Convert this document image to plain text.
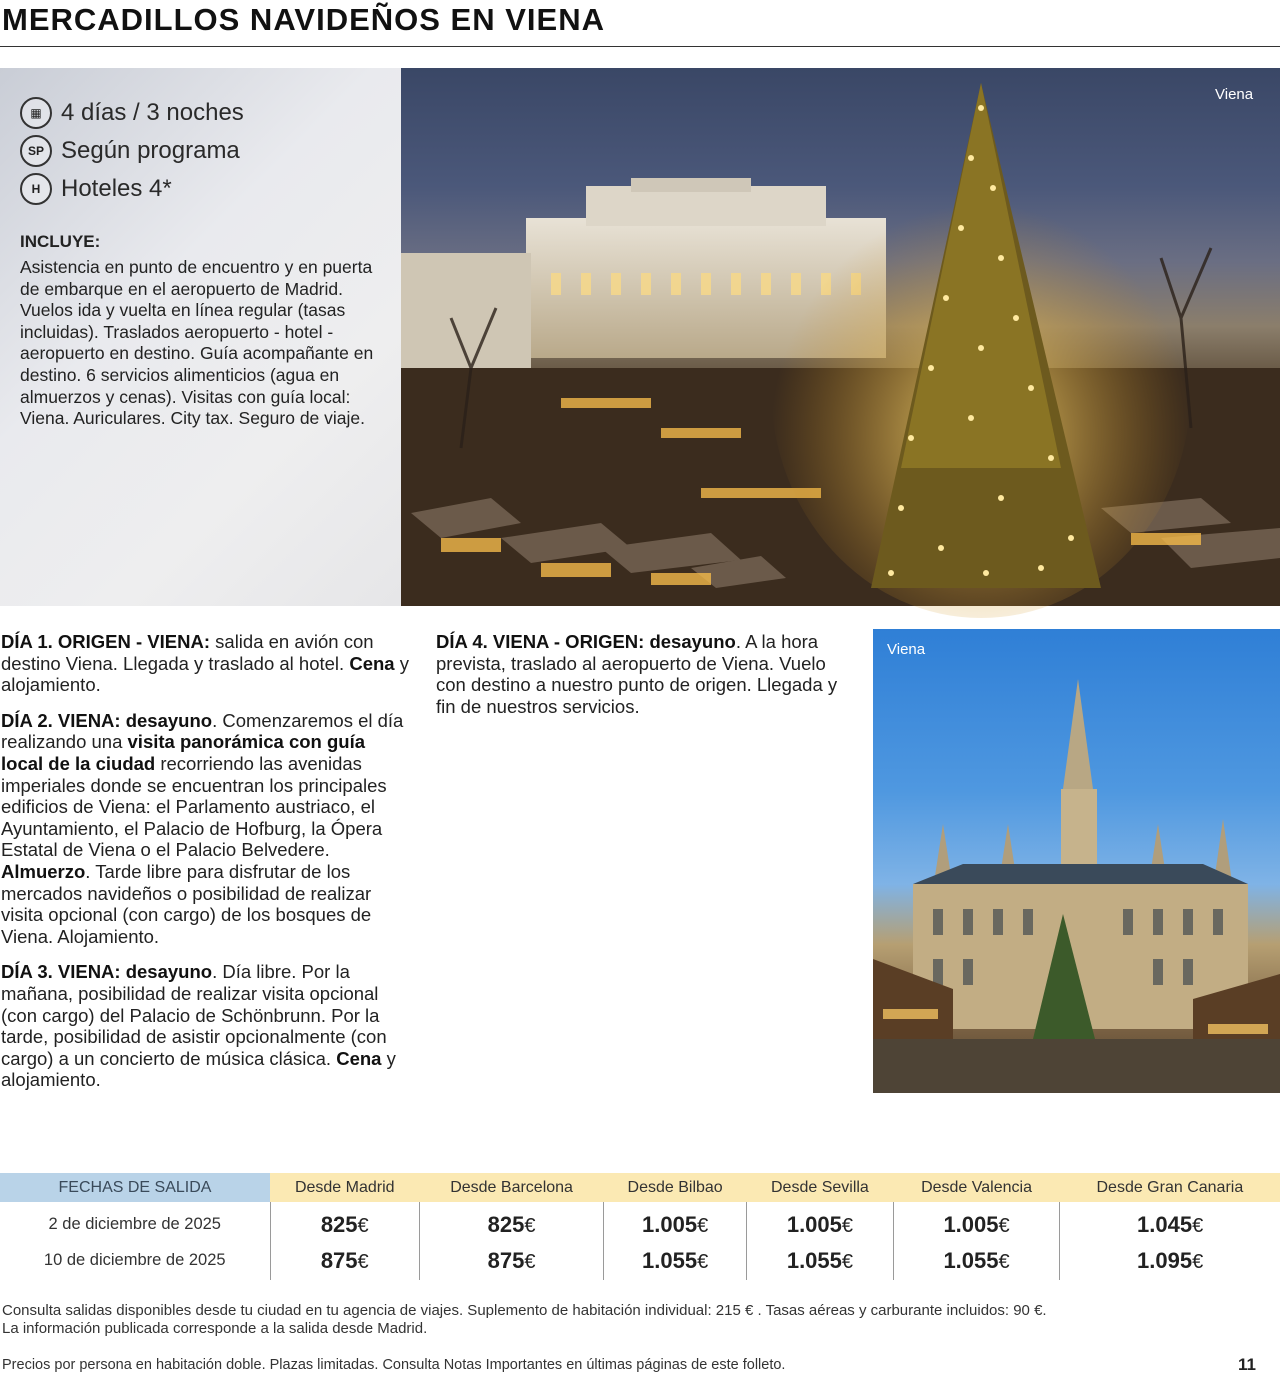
MERCADILLOS NAVIDEÑOS EN VIENA
▦ 4 días / 3 noches
SP Según programa
H Hoteles 4*
INCLUYE:
Asistencia en punto de encuentro y en puerta de embarque en el aeropuerto de Madrid. Vuelos ida y vuelta en línea regular (tasas incluidas). Traslados aeropuerto - hotel - aeropuerto en destino. Guía acompañante en destino. 6 servicios alimenticios (agua en almuerzos y cenas). Visitas con guía local: Viena. Auriculares. City tax. Seguro de viaje.
Viena

DÍA 1. ORIGEN - VIENA: salida en avión con destino Viena. Llegada y traslado al hotel. Cena y alojamiento.

DÍA 2. VIENA: desayuno. Comenzaremos el día realizando una visita panorámica con guía local de la ciudad recorriendo las avenidas imperiales donde se encuentran los principales edificios de Viena: el Parlamento austriaco, el Ayuntamiento, el Palacio de Hofburg, la Ópera Estatal de Viena o el Palacio Belvedere. Almuerzo. Tarde libre para disfrutar de los mercados navideños o posibilidad de realizar visita opcional (con cargo) de los bosques de Viena. Alojamiento.

DÍA 3. VIENA: desayuno. Día libre. Por la mañana, posibilidad de realizar visita opcional (con cargo) del Palacio de Schönbrunn. Por la tarde, posibilidad de asistir opcionalmente (con cargo) a un concierto de música clásica. Cena y alojamiento.

DÍA 4. VIENA - ORIGEN: desayuno. A la hora prevista, traslado al aeropuerto de Viena. Vuelo con destino a nuestro punto de origen. Llegada y fin de nuestros servicios.

Viena
FECHAS DE SALIDA	Desde Madrid	Desde Barcelona	Desde Bilbao	Desde Sevilla	Desde Valencia	Desde Gran Canaria
2 de diciembre de 2025	825€	825€	1.005€	1.005€	1.005€	1.045€
10 de diciembre de 2025	875€	875€	1.055€	1.055€	1.055€	1.095€
Consulta salidas disponibles desde tu ciudad en tu agencia de viajes. Suplemento de habitación individual: 215 € . Tasas aéreas y carburante incluidos: 90 €.
La información publicada corresponde a la salida desde Madrid.
Precios por persona en habitación doble. Plazas limitadas. Consulta Notas Importantes en últimas páginas de este folleto.	11
